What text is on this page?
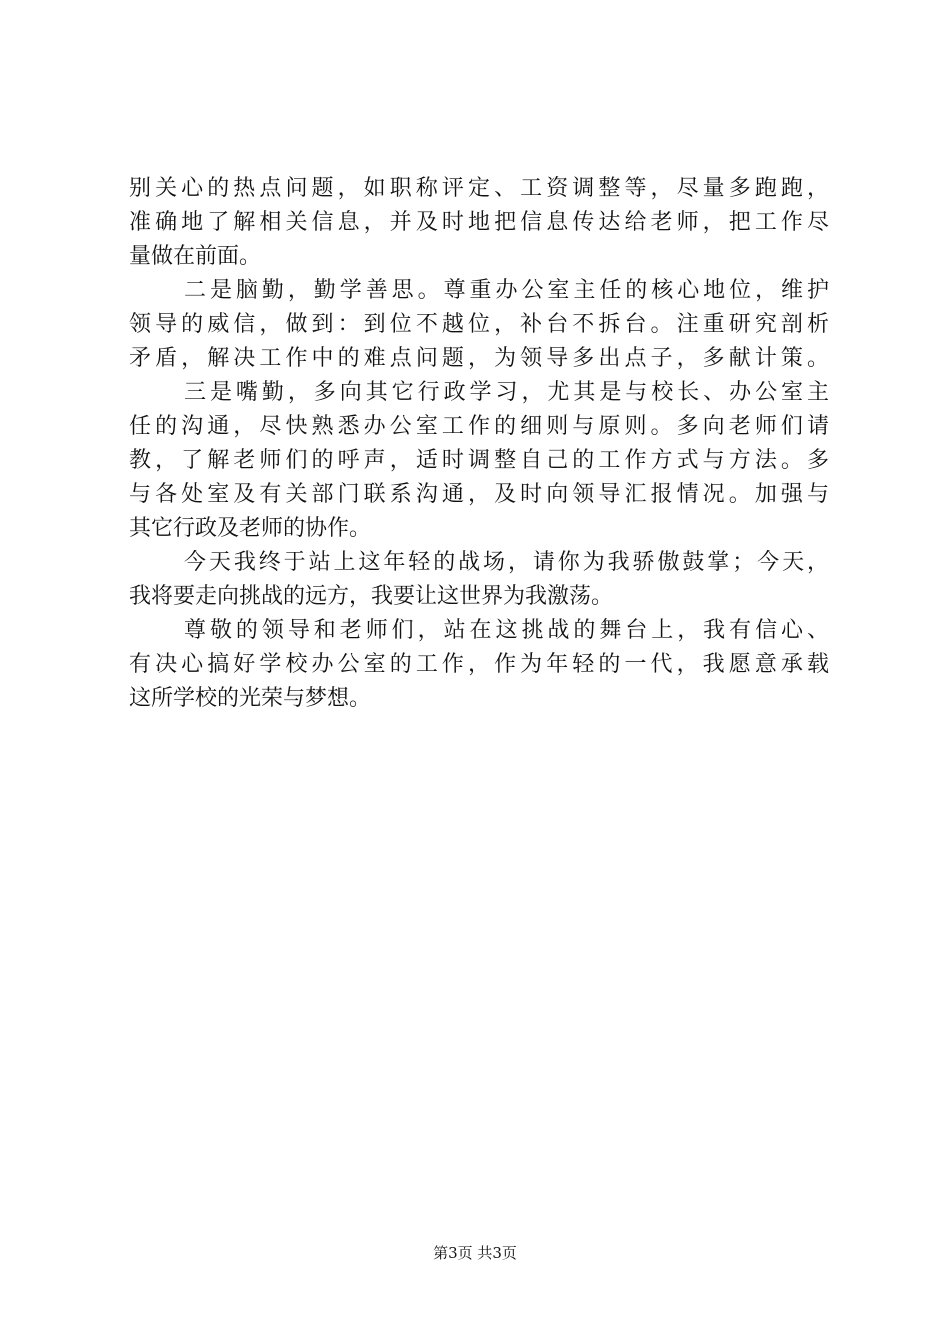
别关心的热点问题，如职称评定、工资调整等，尽量多跑跑，
准确地了解相关信息，并及时地把信息传达给老师，把工作尽
量做在前面。
二是脑勤，勤学善思。尊重办公室主任的核心地位，维护
领导的威信，做到：到位不越位，补台不拆台。注重研究剖析
矛盾，解决工作中的难点问题，为领导多出点子，多献计策。
三是嘴勤，多向其它行政学习，尤其是与校长、办公室主
任的沟通，尽快熟悉办公室工作的细则与原则。多向老师们请
教，了解老师们的呼声，适时调整自己的工作方式与方法。多
与各处室及有关部门联系沟通，及时向领导汇报情况。加强与
其它行政及老师的协作。
今天我终于站上这年轻的战场，请你为我骄傲鼓掌；今天，
我将要走向挑战的远方，我要让这世界为我激荡。
尊敬的领导和老师们，站在这挑战的舞台上，我有信心、
有决心搞好学校办公室的工作，作为年轻的一代，我愿意承载
这所学校的光荣与梦想。
第3页 共3页
